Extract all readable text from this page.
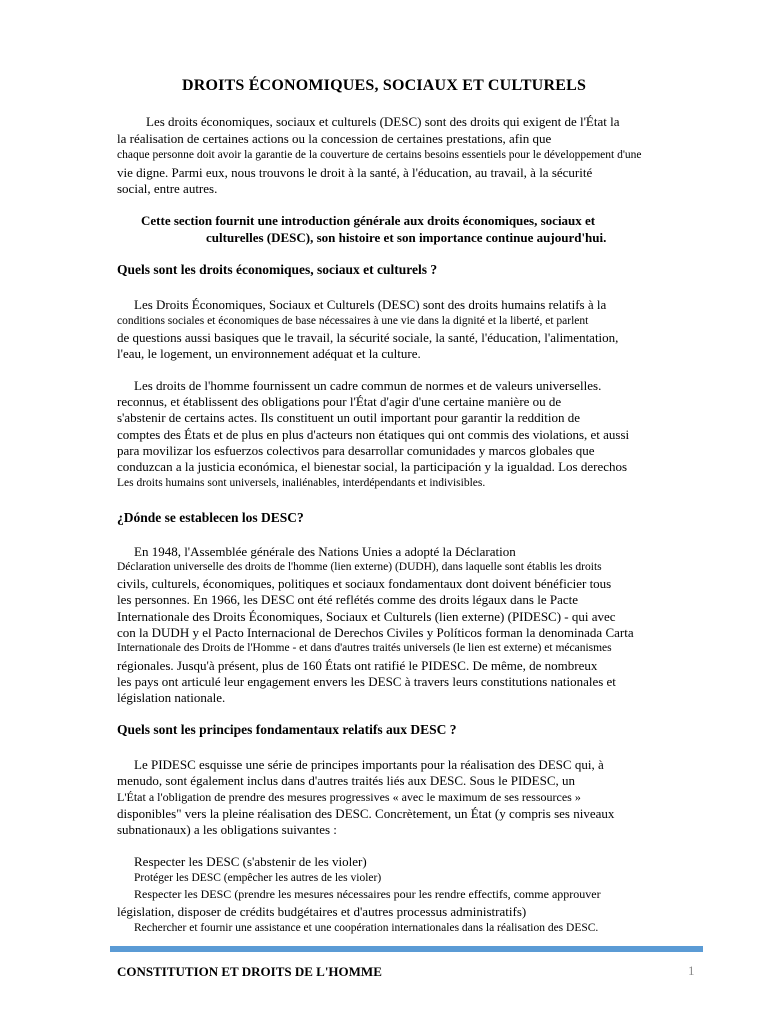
DROITS ÉCONOMIQUES, SOCIAUX ET CULTURELS
Les droits économiques, sociaux et culturels (DESC) sont des droits qui exigent de l'État la
la réalisation de certaines actions ou la concession de certaines prestations, afin que
chaque personne doit avoir la garantie de la couverture de certains besoins essentiels pour le développement d'une
vie digne. Parmi eux, nous trouvons le droit à la santé, à l'éducation, au travail, à la sécurité
social, entre autres.
Cette section fournit une introduction générale aux droits économiques, sociaux et
culturelles (DESC), son histoire et son importance continue aujourd'hui.
Quels sont les droits économiques, sociaux et culturels ?
Les Droits Économiques, Sociaux et Culturels (DESC) sont des droits humains relatifs à la
conditions sociales et économiques de base nécessaires à une vie dans la dignité et la liberté, et parlent
de questions aussi basiques que le travail, la sécurité sociale, la santé, l'éducation, l'alimentation,
l'eau, le logement, un environnement adéquat et la culture.
Les droits de l'homme fournissent un cadre commun de normes et de valeurs universelles.
reconnus, et établissent des obligations pour l'État d'agir d'une certaine manière ou de
s'abstenir de certains actes. Ils constituent un outil important pour garantir la reddition de
comptes des États et de plus en plus d'acteurs non étatiques qui ont commis des violations, et aussi
para movilizar los esfuerzos colectivos para desarrollar comunidades y marcos globales que
conduzcan a la justicia económica, el bienestar social, la participación y la igualdad. Los derechos
Les droits humains sont universels, inaliénables, interdépendants et indivisibles.
¿Dónde se establecen los DESC?
En 1948, l'Assemblée générale des Nations Unies a adopté la Déclaration
Déclaration universelle des droits de l'homme (lien externe) (DUDH), dans laquelle sont établis les droits
civils, culturels, économiques, politiques et sociaux fondamentaux dont doivent bénéficier tous
les personnes. En 1966, les DESC ont été reflétés comme des droits légaux dans le Pacte
Internationale des Droits Économiques, Sociaux et Culturels (lien externe) (PIDESC) - qui avec
con la DUDH y el Pacto Internacional de Derechos Civiles y Políticos forman la denominada Carta
Internationale des Droits de l'Homme - et dans d'autres traités universels (le lien est externe) et mécanismes
régionales. Jusqu'à présent, plus de 160 États ont ratifié le PIDESC. De même, de nombreux
les pays ont articulé leur engagement envers les DESC à travers leurs constitutions nationales et
législation nationale.
Quels sont les principes fondamentaux relatifs aux DESC ?
Le PIDESC esquisse une série de principes importants pour la réalisation des DESC qui, à
menudo, sont également inclus dans d'autres traités liés aux DESC. Sous le PIDESC, un
L'État a l'obligation de prendre des mesures progressives « avec le maximum de ses ressources »
disponibles" vers la pleine réalisation des DESC. Concrètement, un État (y compris ses niveaux
subnationaux) a les obligations suivantes :
Respecter les DESC (s'abstenir de les violer)
Protéger les DESC (empêcher les autres de les violer)
Respecter les DESC (prendre les mesures nécessaires pour les rendre effectifs, comme approuver
législation, disposer de crédits budgétaires et d'autres processus administratifs)
Rechercher et fournir une assistance et une coopération internationales dans la réalisation des DESC.
CONSTITUTION ET DROITS DE L'HOMME	1
